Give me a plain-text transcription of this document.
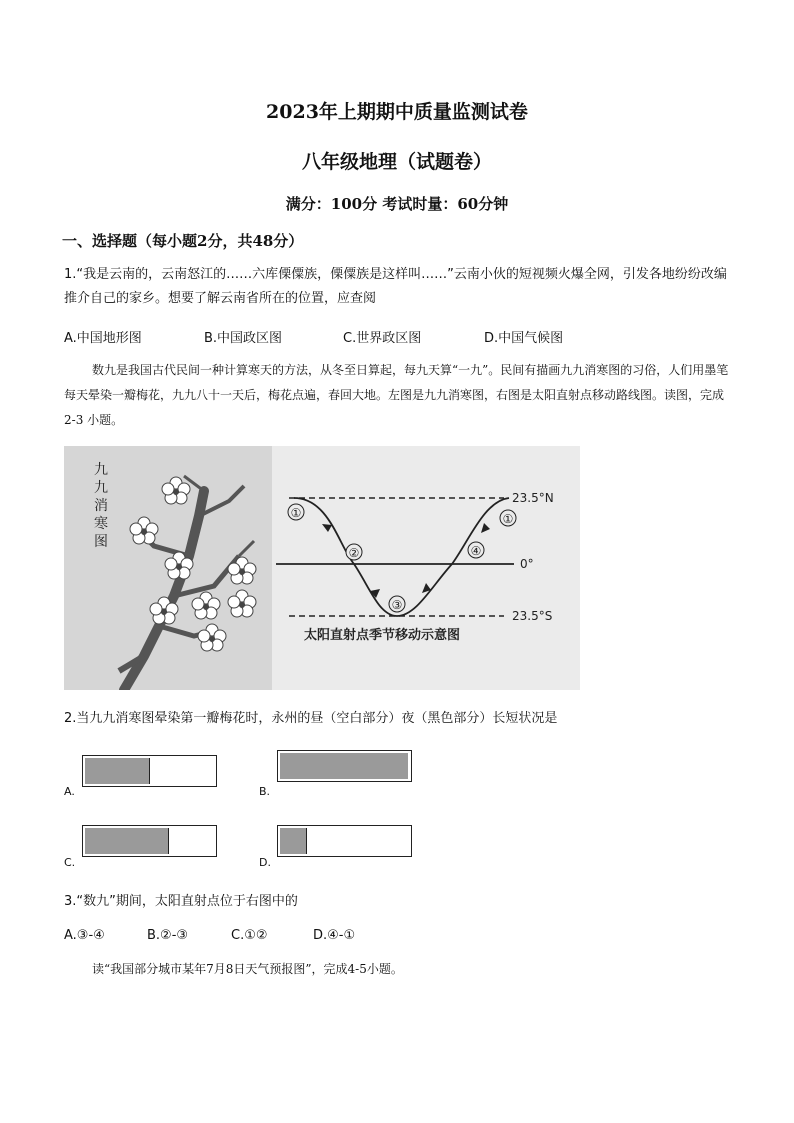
2023年上期期中质量监测试卷
八年级地理（试题卷）
满分：100分 考试时量：60分钟
一、选择题（每小题2分，共48分）
1.“我是云南的，云南怒江的……六库傈僳族，傈僳族是这样叫……”云南小伙的短视频火爆全网，引发各地纷纷改编推介自己的家乡。想要了解云南省所在的位置，应查阅
A.中国地形图	B.中国政区图	C.世界政区图	D.中国气候图
数九是我国古代民间一种计算寒天的方法，从冬至日算起，每九天算“一九”。民间有描画九九消寒图的习俗，人们用墨笔每天晕染一瓣梅花，九九八十一天后，梅花点遍，春回大地。左图是九九消寒图，右图是太阳直射点移动路线图。读图，完成 2-3 小题。
九
九
消
寒
图
①
②
③
④
①
23.5°N
0°
23.5°S
太阳直射点季节移动示意图
2.当九九消寒图晕染第一瓣梅花时，永州的昼（空白部分）夜（黑色部分）长短状况是
A.	B.
C.	D.
3.“数九”期间，太阳直射点位于右图中的
A.③-④	B.②-③	C.①②	D.④-①
读“我国部分城市某年7月8日天气预报图”，完成4-5小题。
